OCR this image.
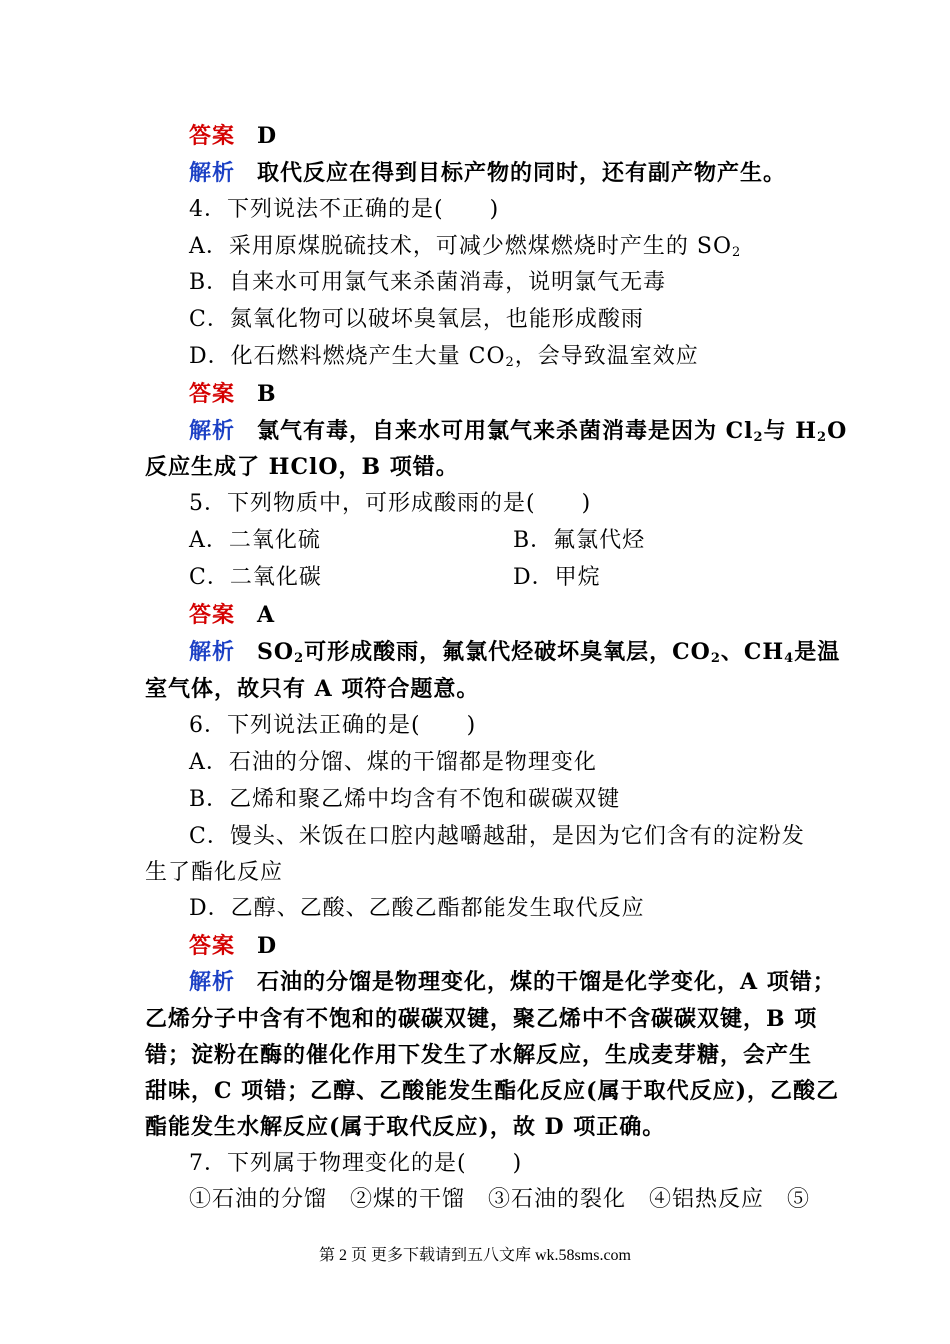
答案 D
解析 取代反应在得到目标产物的同时，还有副产物产生。
4．下列说法不正确的是(　　)
A．采用原煤脱硫技术，可减少燃煤燃烧时产生的 $SO_2$
B．自来水可用氯气来杀菌消毒，说明氯气无毒
C．氮氧化物可以破坏臭氧层，也能形成酸雨
D．化石燃料燃烧产生大量 $CO_2$，会导致温室效应
答案 B
解析 氯气有毒，自来水可用氯气来杀菌消毒是因为 $Cl_2$与 $H_2O$
反应生成了 HClO，B 项错。
5．下列物质中，可形成酸雨的是(　　)
A．二氧化硫	B．氟氯代烃
C．二氧化碳	D．甲烷
答案 A
解析 $SO_2$可形成酸雨，氟氯代烃破坏臭氧层，$CO_2$、$CH_4$是温
室气体，故只有 A 项符合题意。
6．下列说法正确的是(　　)
A．石油的分馏、煤的干馏都是物理变化
B．乙烯和聚乙烯中均含有不饱和碳碳双键
C．馒头、米饭在口腔内越嚼越甜，是因为它们含有的淀粉发
生了酯化反应
D．乙醇、乙酸、乙酸乙酯都能发生取代反应
答案 D
解析 石油的分馏是物理变化，煤的干馏是化学变化，A 项错；
乙烯分子中含有不饱和的碳碳双键，聚乙烯中不含碳碳双键，B 项
错；淀粉在酶的催化作用下发生了水解反应，生成麦芽糖，会产生
甜味，C 项错；乙醇、乙酸能发生酯化反应(属于取代反应)，乙酸乙
酯能发生水解反应(属于取代反应)，故 D 项正确。
7．下列属于物理变化的是(　　)
①石油的分馏　②煤的干馏　③石油的裂化　④铝热反应　⑤
第 2 页 更多下载请到五八文库 wk.58sms.com
